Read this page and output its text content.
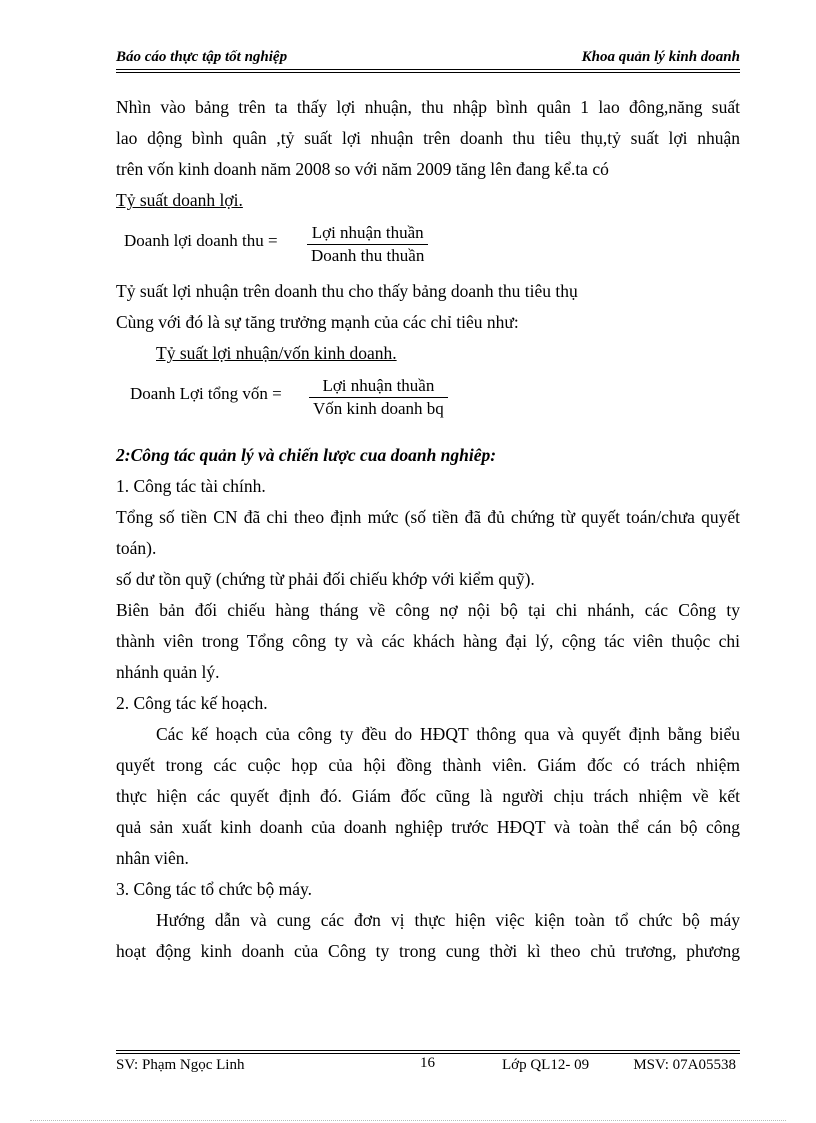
Báo cáo thực tập tốt nghiệp	Khoa quản lý kinh doanh
Nhìn vào bảng trên ta thấy lợi nhuận, thu nhập bình quân 1 lao đông,năng suất
lao dộng bình quân ,tỷ suất lợi nhuận trên doanh thu tiêu thụ,tỷ suất lợi nhuận
trên vốn kinh doanh năm 2008 so với năm 2009 tăng lên đang kể.ta có
Tỷ suất doanh lợi.
Doanh lợi doanh thu = Lợi nhuận thuần
Doanh thu thuần
Tỷ suất lợi nhuận trên doanh thu cho thấy bảng doanh thu tiêu thụ
Cùng với đó là sự tăng trưởng mạnh của các chỉ tiêu như:
Tỷ suất lợi nhuận/vốn kinh doanh.
Doanh Lợi tổng vốn =	Lợi nhuận thuần
Vốn kinh doanh bq
2:Công tác quản lý và chiến lược cua doanh nghiêp:
1. Công tác tài chính.
Tổng số tiền CN đã chi theo định mức (số tiền đã đủ chứng từ quyết toán/chưa quyết
toán).
số dư tồn quỹ (chứng từ phải đối chiếu khớp với kiểm quỹ).
Biên bản đối chiếu hàng tháng về công nợ nội bộ tại chi nhánh, các Công ty
thành viên trong Tổng công ty và các khách hàng đại lý, cộng tác viên thuộc chi
nhánh quản lý.
2. Công tác kế hoạch.
Các kế hoạch của công ty đều do HĐQT thông qua và quyết định bằng biểu
quyết trong các cuộc họp của hội đồng thành viên. Giám đốc có trách nhiệm
thực hiện các quyết định đó. Giám đốc cũng là người chịu trách nhiệm về kết
quả sản xuất kinh doanh của doanh nghiệp trước HĐQT và toàn thể cán bộ công
nhân viên.
3. Công tác tổ chức bộ máy.
Hướng dẫn và cung các đơn vị thực hiện việc kiện toàn tổ chức bộ máy
hoạt động kinh doanh của Công ty trong cung thời kì theo chủ trương, phương
SV: Phạm Ngọc Linh	16	Lớp QL12- 09	MSV: 07A05538
